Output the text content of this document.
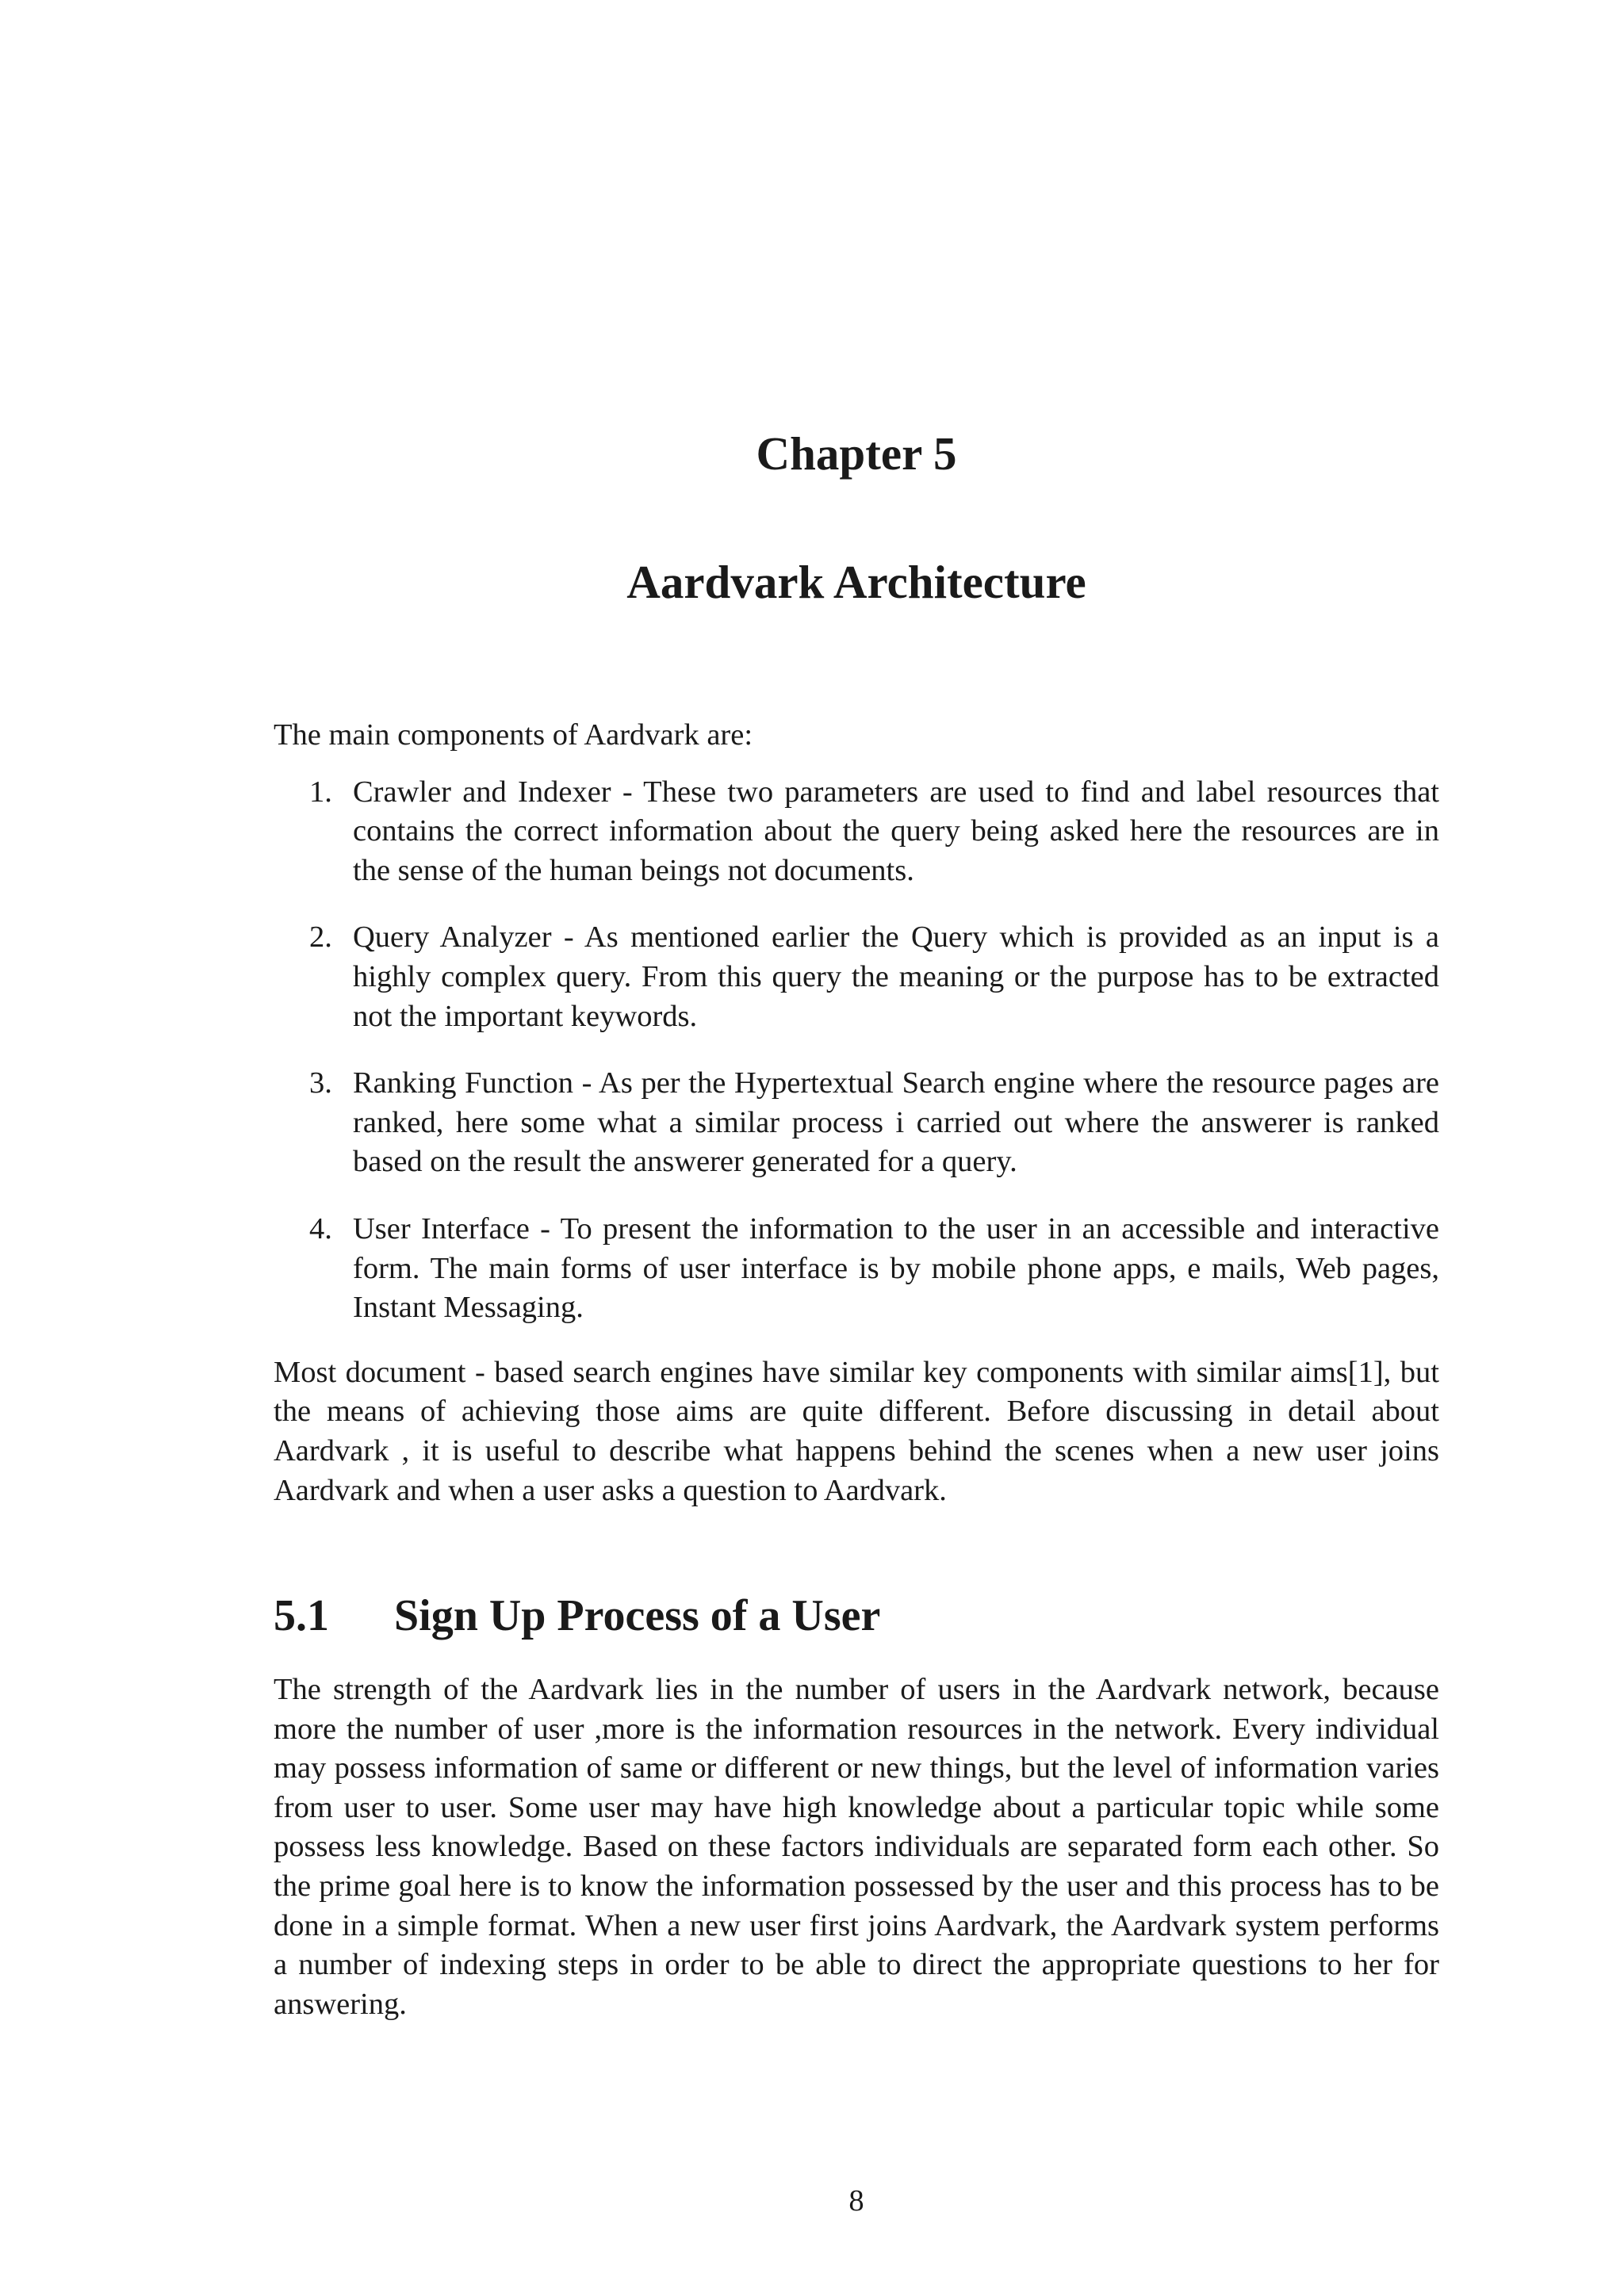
Chapter 5
Aardvark Architecture

The main components of Aardvark are:

1. Crawler and Indexer - These two parameters are used to find and label resources that contains the correct information about the query being asked here the resources are in the sense of the human beings not documents.
2. Query Analyzer - As mentioned earlier the Query which is provided as an input is a highly complex query. From this query the meaning or the purpose has to be extracted not the important keywords.
3. Ranking Function - As per the Hypertextual Search engine where the resource pages are ranked, here some what a similar process i carried out where the answerer is ranked based on the result the answerer generated for a query.
4. User Interface - To present the information to the user in an accessible and interactive form. The main forms of user interface is by mobile phone apps, e mails, Web pages, Instant Messaging.

Most document - based search engines have similar key components with similar aims[1], but the means of achieving those aims are quite different. Before discussing in detail about Aardvark , it is useful to describe what happens behind the scenes when a new user joins Aardvark and when a user asks a question to Aardvark.

5.1 Sign Up Process of a User

The strength of the Aardvark lies in the number of users in the Aardvark network, because more the number of user ,more is the information resources in the network. Every individual may possess information of same or different or new things, but the level of information varies from user to user. Some user may have high knowledge about a particular topic while some possess less knowledge. Based on these factors individuals are separated form each other. So the prime goal here is to know the information possessed by the user and this process has to be done in a simple format. When a new user first joins Aardvark, the Aardvark system performs a number of indexing steps in order to be able to direct the appropriate questions to her for answering.

8
